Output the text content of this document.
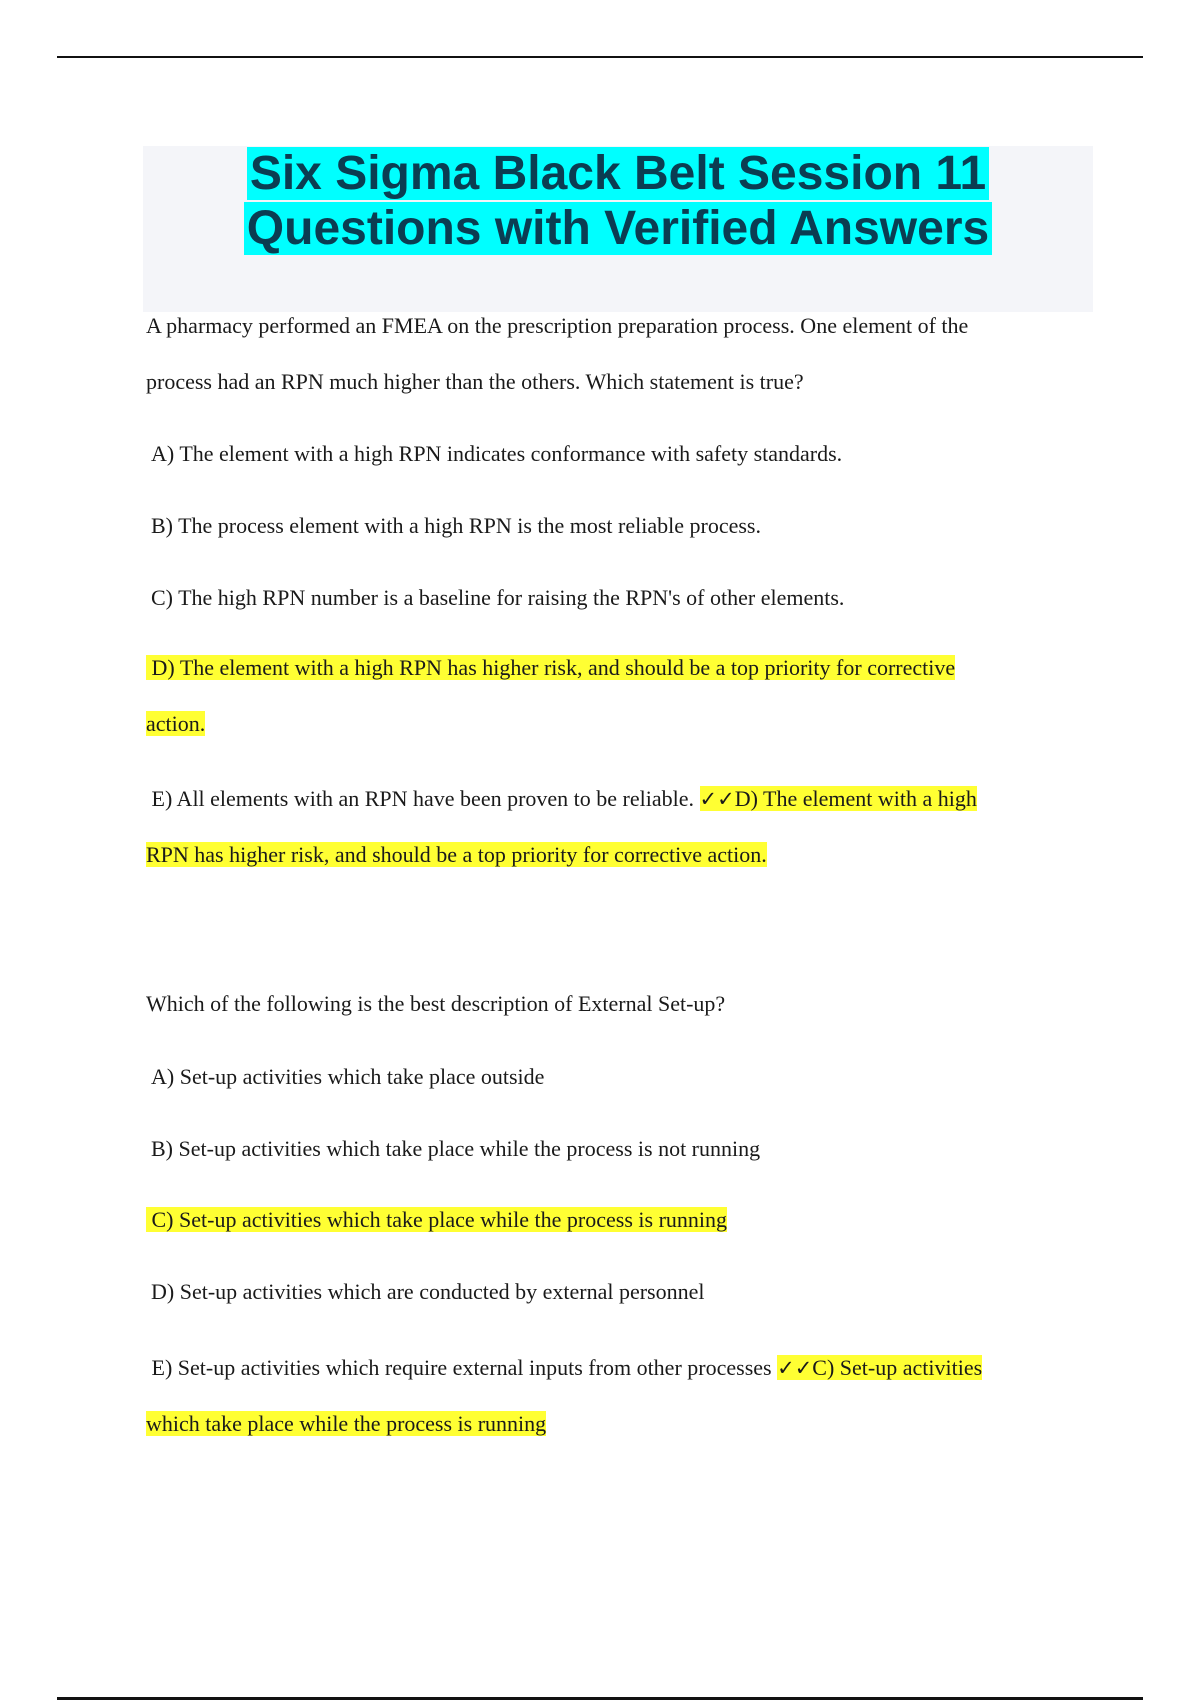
Six Sigma Black Belt Session 11
Questions with Verified Answers

A pharmacy performed an FMEA on the prescription preparation process. One element of the
process had an RPN much higher than the others. Which statement is true?

A) The element with a high RPN indicates conformance with safety standards.

B) The process element with a high RPN is the most reliable process.

C) The high RPN number is a baseline for raising the RPN's of other elements.

D) The element with a high RPN has higher risk, and should be a top priority for corrective
action.

E) All elements with an RPN have been proven to be reliable. ✓✓D) The element with a high
RPN has higher risk, and should be a top priority for corrective action.

Which of the following is the best description of External Set-up?

A) Set-up activities which take place outside

B) Set-up activities which take place while the process is not running

C) Set-up activities which take place while the process is running

D) Set-up activities which are conducted by external personnel

E) Set-up activities which require external inputs from other processes ✓✓C) Set-up activities
which take place while the process is running
